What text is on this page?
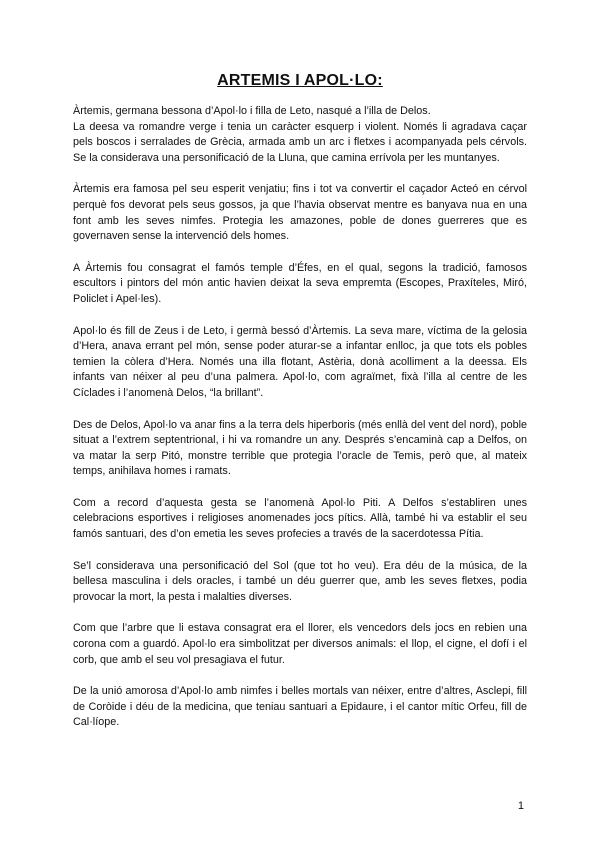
ARTEMIS I APOL·LO:

Àrtemis, germana bessona d’Apol·lo i filla de Leto, nasqué a l’illa de Delos.
La deesa va romandre verge i tenia un caràcter esquerp i violent. Només li agradava caçar pels boscos i serralades de Grècia, armada amb un arc i fletxes i acompanyada pels cérvols. Se la considerava una personificació de la Lluna, que camina errívola per les muntanyes.

Àrtemis era famosa pel seu esperit venjatiu; fins i tot va convertir el caçador Acteó en cérvol perquè fos devorat pels seus gossos, ja que l’havia observat mentre es banyava nua en una font amb les seves nimfes. Protegia les amazones, poble de dones guerreres que es governaven sense la intervenció dels homes.

A Àrtemis fou consagrat el famós temple d’Éfes, en el qual, segons la tradició, famosos escultors i pintors del món antic havien deixat la seva empremta (Escopes, Praxíteles, Miró, Policlet i Apel·les).

Apol·lo és fill de Zeus i de Leto, i germà bessó d’Àrtemis. La seva mare, víctima de la gelosia d’Hera, anava errant pel món, sense poder aturar-se a infantar enlloc, ja que tots els pobles temien la còlera d’Hera. Només una illa flotant, Astèria, donà acolliment a la deessa. Els infants van néixer al peu d’una palmera. Apol·lo, com agraïmet, fixà l’illa al centre de les Cíclades i l’anomenà Delos, “la brillant”.

Des de Delos, Apol·lo va anar fins a la terra dels hiperboris (més enllà del vent del nord), poble situat a l’extrem septentrional, i hi va romandre un any. Després s’encaminà cap a Delfos, on va matar la serp Pitó, monstre terrible que protegia l’oracle de Temis, però que, al mateix temps, anihilava homes i ramats.

Com a record d’aquesta gesta se l’anomenà Apol·lo Piti. A Delfos s’establiren unes celebracions esportives i religioses anomenades jocs pítics. Allà, també hi va establir el seu famós santuari, des d’on emetia les seves profecies a través de la sacerdotessa Pítia.

Se’l considerava una personificació del Sol (que tot ho veu). Era déu de la música, de la bellesa masculina i dels oracles, i també un déu guerrer que, amb les seves fletxes, podia provocar la mort, la pesta i malalties diverses.

Com que l’arbre que li estava consagrat era el llorer, els vencedors dels jocs en rebien una corona com a guardó. Apol·lo era simbolitzat per diversos animals: el llop, el cigne, el dofí i el corb, que amb el seu vol presagiava el futur.

De la unió amorosa d’Apol·lo amb nimfes i belles mortals van néixer, entre d’altres, Asclepi, fill de Coròide i déu de la medicina, que teniau santuari a Epidaure, i el cantor mític Orfeu, fill de Cal·líope.

1
